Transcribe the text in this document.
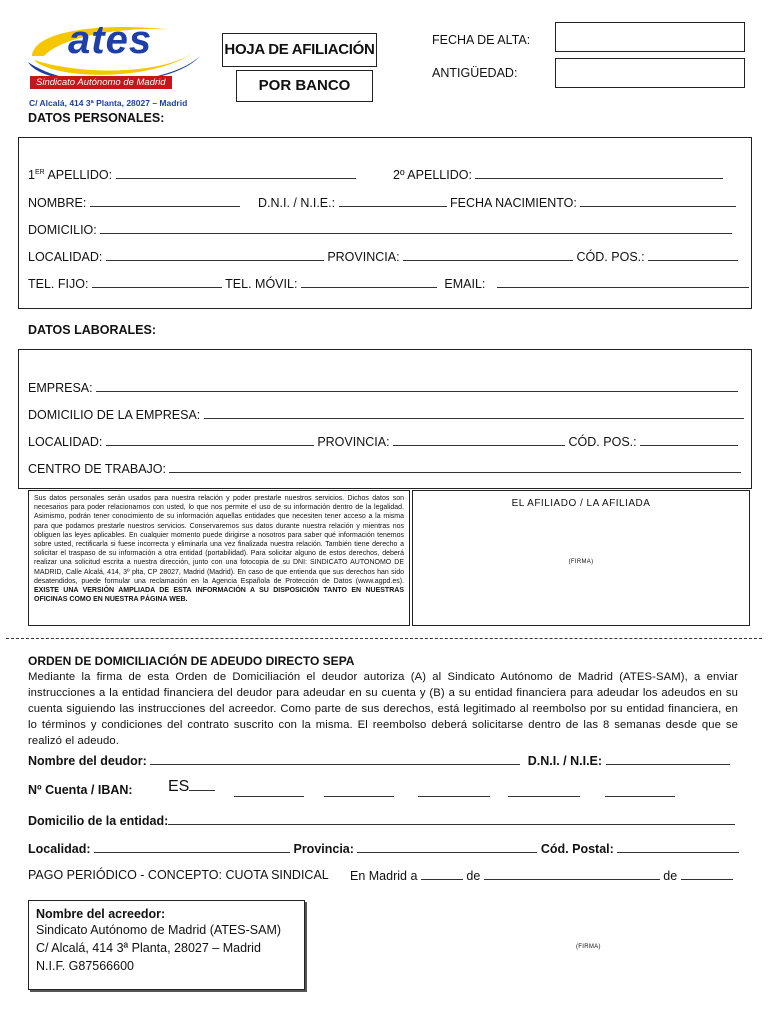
ates
Sindicato Autónomo de Madrid
C/ Alcalá, 414 3ª Planta, 28027 – Madrid
HOJA DE AFILIACIÓN
POR BANCO
FECHA DE ALTA:
ANTIGÜEDAD:
DATOS PERSONALES:
1ER APELLIDO:	2º APELLIDO:
NOMBRE:	D.N.I. / N.I.E.:	FECHA NACIMIENTO:
DOMICILIO:
LOCALIDAD:	PROVINCIA:	CÓD. POS.:
TEL. FIJO:	TEL. MÓVIL:	EMAIL:
DATOS LABORALES:
EMPRESA:
DOMICILIO DE LA EMPRESA:
LOCALIDAD:	PROVINCIA:	CÓD. POS.:
CENTRO DE TRABAJO:
Sus datos personales serán usados para nuestra relación y poder prestarle nuestros servicios. Dichos datos son necesarios para poder relacionarnos con usted, lo que nos permite el uso de su información dentro de la legalidad. Asimismo, podrán tener conocimiento de su información aquellas entidades que necesiten tener acceso a la misma para que podamos prestarle nuestros servicios. Conservaremos sus datos durante nuestra relación y mientras nos obliguen las leyes aplicables. En cualquier momento puede dirigirse a nosotros para saber qué información tenemos sobre usted, rectificarla si fuese incorrecta y eliminarla una vez finalizada nuestra relación. También tiene derecho a solicitar el traspaso de su información a otra entidad (portabilidad). Para solicitar alguno de estos derechos, deberá realizar una solicitud escrita a nuestra dirección, junto con una fotocopia de su DNI: SINDICATO AUTONOMO DE MADRID, Calle Alcalá, 414, 3º plta, CP 28027, Madrid (Madrid). En caso de que entienda que sus derechos han sido desatendidos, puede formular una reclamación en la Agencia Española de Protección de Datos (www.agpd.es). EXISTE UNA VERSIÓN AMPLIADA DE ESTA INFORMACIÓN A SU DISPOSICIÓN TANTO EN NUESTRAS OFICINAS COMO EN NUESTRA PÁGINA WEB.
EL AFILIADO / LA AFILIADA
(FIRMA)
ORDEN DE DOMICILIACIÓN DE ADEUDO DIRECTO SEPA
Mediante la firma de esta Orden de Domiciliación el deudor autoriza (A) al Sindicato Autónomo de Madrid (ATES-SAM), a enviar instrucciones a la entidad financiera del deudor para adeudar en su cuenta y (B) a su entidad financiera para adeudar los adeudos en su cuenta siguiendo las instrucciones del acreedor. Como parte de sus derechos, está legitimado al reembolso por su entidad financiera, en lo términos y condiciones del contrato suscrito con la misma. El reembolso deberá solicitarse dentro de las 8 semanas desde que se realizó el adeudo.
Nombre del deudor:	D.N.I. / N.I.E:
Nº Cuenta / IBAN: ES
Domicilio de la entidad:
Localidad:	Provincia:	Cód. Postal:
PAGO PERIÓDICO - CONCEPTO: CUOTA SINDICAL En Madrid a	de	de
Nombre del acreedor:
Sindicato Autónomo de Madrid (ATES-SAM)
C/ Alcalá, 414 3ª Planta, 28027 – Madrid
N.I.F. G87566600
(FIRMA)
